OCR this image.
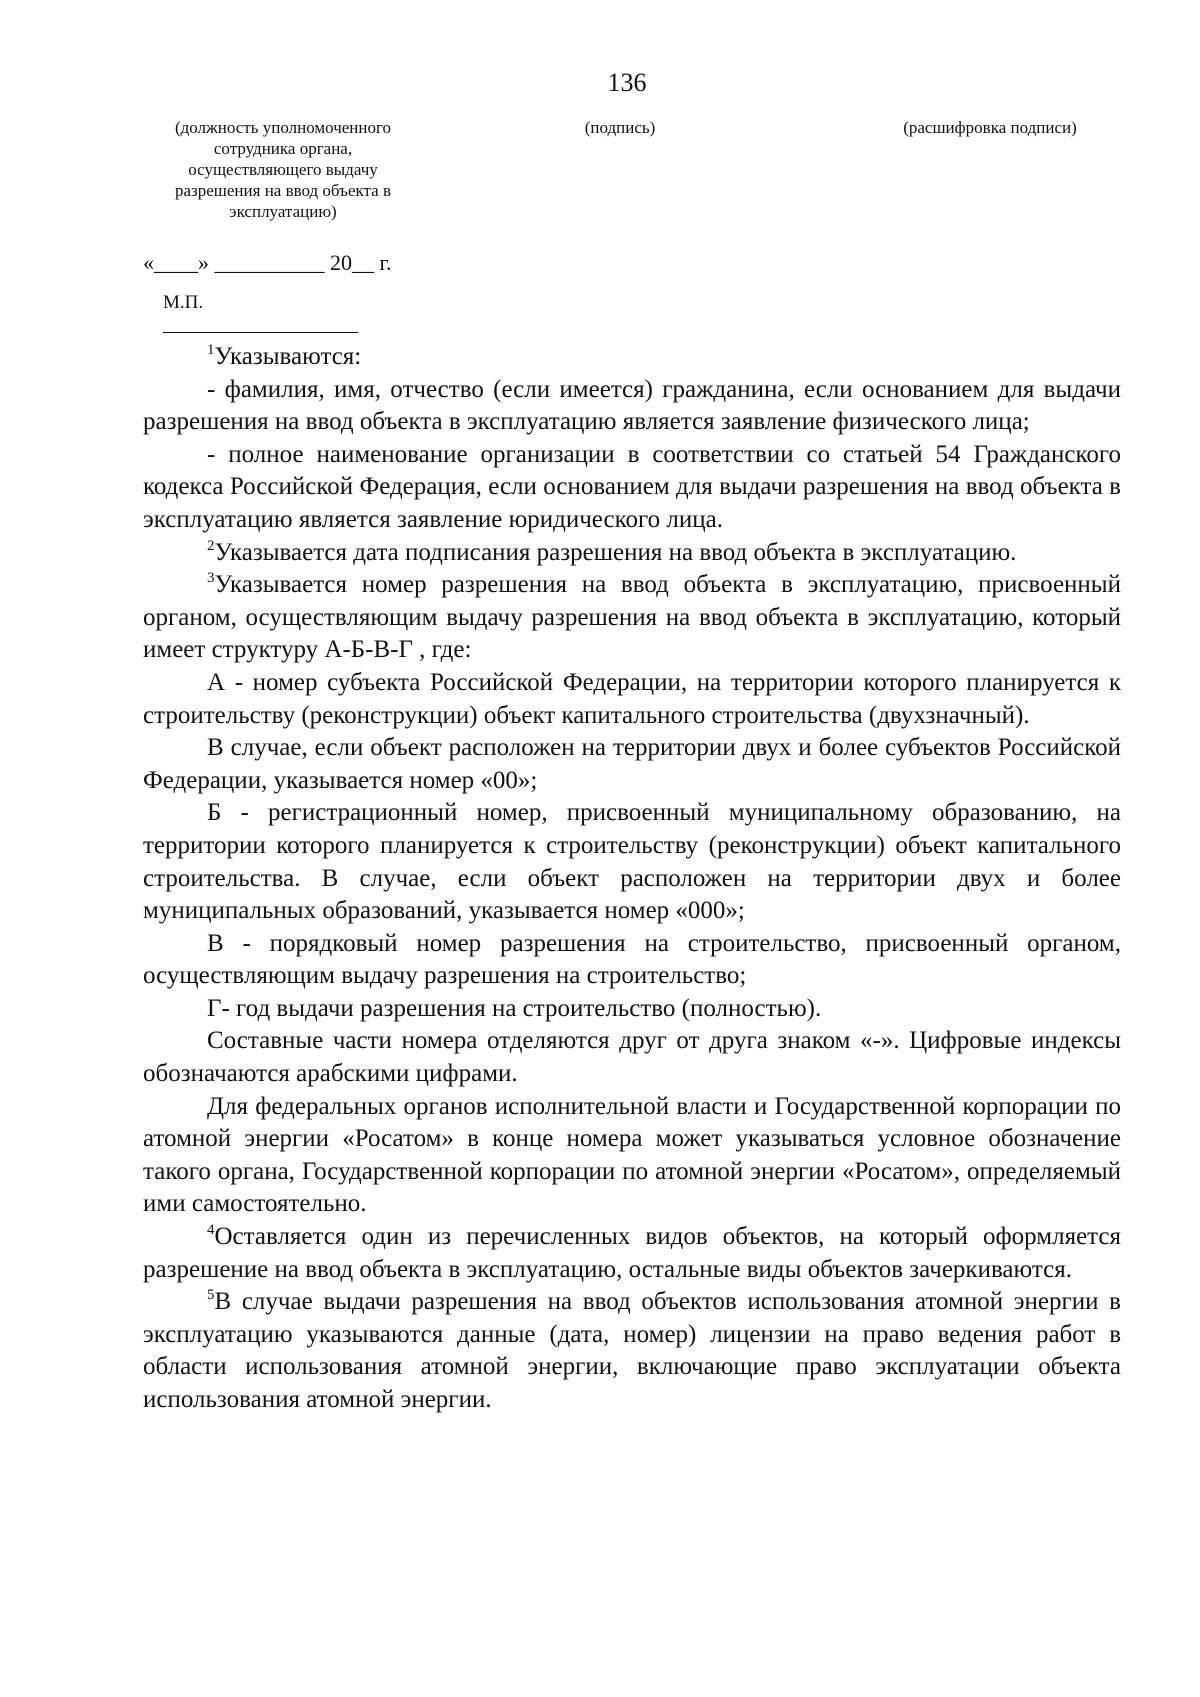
136
(должность уполномоченного сотрудника органа, осуществляющего выдачу разрешения на ввод объекта в эксплуатацию)
(подпись)	(расшифровка подписи)
«____» __________ 20__ г.
М.П.

$^1$Указываются:

- фамилия, имя, отчество (если имеется) гражданина, если основанием для выдачи разрешения на ввод объекта в эксплуатацию является заявление физического лица;

- полное наименование организации в соответствии со статьей 54 Гражданского кодекса Российской Федерация, если основанием для выдачи разрешения на ввод объекта в эксплуатацию является заявление юридического лица.

$^2$Указывается дата подписания разрешения на ввод объекта в эксплуатацию.

$^3$Указывается номер разрешения на ввод объекта в эксплуатацию, присвоенный органом, осуществляющим выдачу разрешения на ввод объекта в эксплуатацию, который имеет структуру А-Б-В-Г , где:

А - номер субъекта Российской Федерации, на территории которого планируется к строительству (реконструкции) объект капитального строительства (двухзначный).

В случае, если объект расположен на территории двух и более субъектов Российской Федерации, указывается номер «00»;

Б - регистрационный номер, присвоенный муниципальному образованию, на территории которого планируется к строительству (реконструкции) объект капитального строительства. В случае, если объект расположен на территории двух и более муниципальных образований, указывается номер «000»;

В - порядковый номер разрешения на строительство, присвоенный органом, осуществляющим выдачу разрешения на строительство;

Г- год выдачи разрешения на строительство (полностью).

Составные части номера отделяются друг от друга знаком «-». Цифровые индексы обозначаются арабскими цифрами.

Для федеральных органов исполнительной власти и Государственной корпорации по атомной энергии «Росатом» в конце номера может указываться условное обозначение такого органа, Государственной корпорации по атомной энергии «Росатом», определяемый ими самостоятельно.

$^4$Оставляется один из перечисленных видов объектов, на который оформляется разрешение на ввод объекта в эксплуатацию, остальные виды объектов зачеркиваются.

$^5$В случае выдачи разрешения на ввод объектов использования атомной энергии в эксплуатацию указываются данные (дата, номер) лицензии на право ведения работ в области использования атомной энергии, включающие право эксплуатации объекта использования атомной энергии.
